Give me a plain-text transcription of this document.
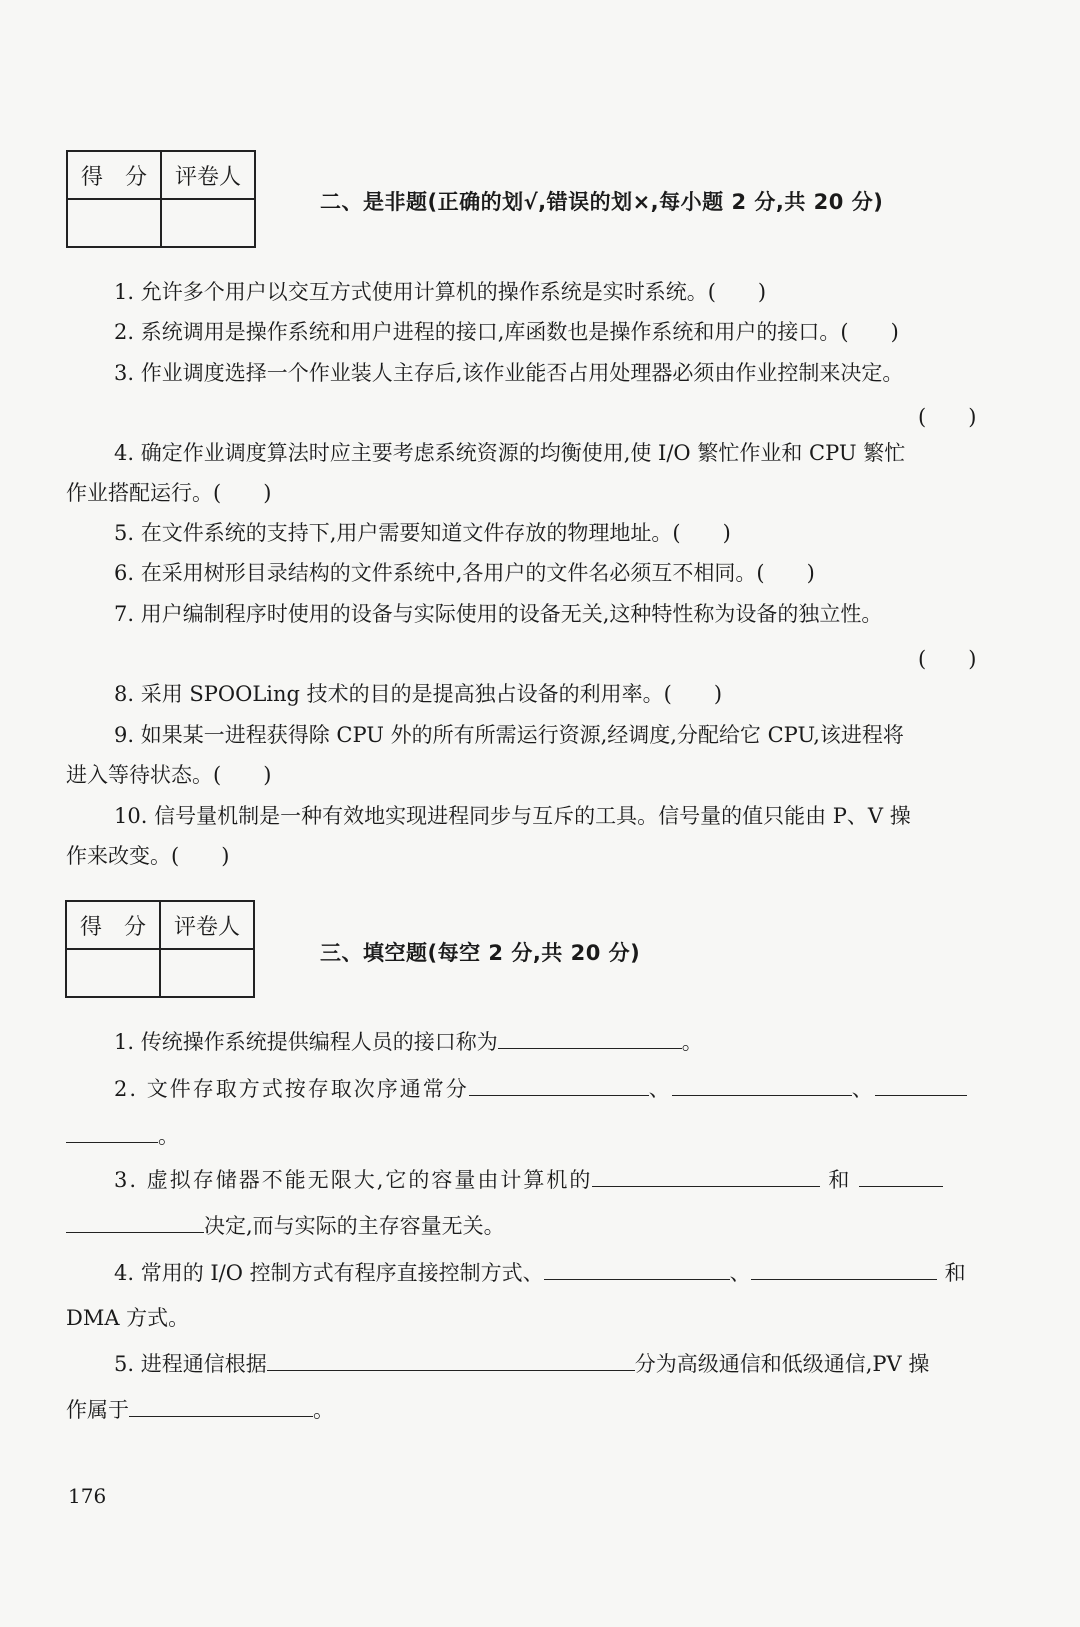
得　分	评卷人

二、是非题(正确的划√,错误的划×,每小题 2 分,共 20 分)
1. 允许多个用户以交互方式使用计算机的操作系统是实时系统。(　　)
2. 系统调用是操作系统和用户进程的接口,库函数也是操作系统和用户的接口。(　　)
3. 作业调度选择一个作业装人主存后,该作业能否占用处理器必须由作业控制来决定。
(　　)
4. 确定作业调度算法时应主要考虑系统资源的均衡使用,使 I/O 繁忙作业和 CPU 繁忙
作业搭配运行。(　　)
5. 在文件系统的支持下,用户需要知道文件存放的物理地址。(　　)
6. 在采用树形目录结构的文件系统中,各用户的文件名必须互不相同。(　　)
7. 用户编制程序时使用的设备与实际使用的设备无关,这种特性称为设备的独立性。
(　　)
8. 采用 SPOOLing 技术的目的是提高独占设备的利用率。(　　)
9. 如果某一进程获得除 CPU 外的所有所需运行资源,经调度,分配给它 CPU,该进程将
进入等待状态。(　　)
10. 信号量机制是一种有效地实现进程同步与互斥的工具。信号量的值只能由 P、V 操
作来改变。(　　)
得　分	评卷人

三、填空题(每空 2 分,共 20 分)
1. 传统操作系统提供编程人员的接口称为	。
2. 文件存取方式按存取次序通常分	、	、
。
3. 虚拟存储器不能无限大,它的容量由计算机的	和
决定,而与实际的主存容量无关。
4. 常用的 I/O 控制方式有程序直接控制方式、	、	和
DMA 方式。
5. 进程通信根据	分为高级通信和低级通信,PV 操
作属于	。
176
